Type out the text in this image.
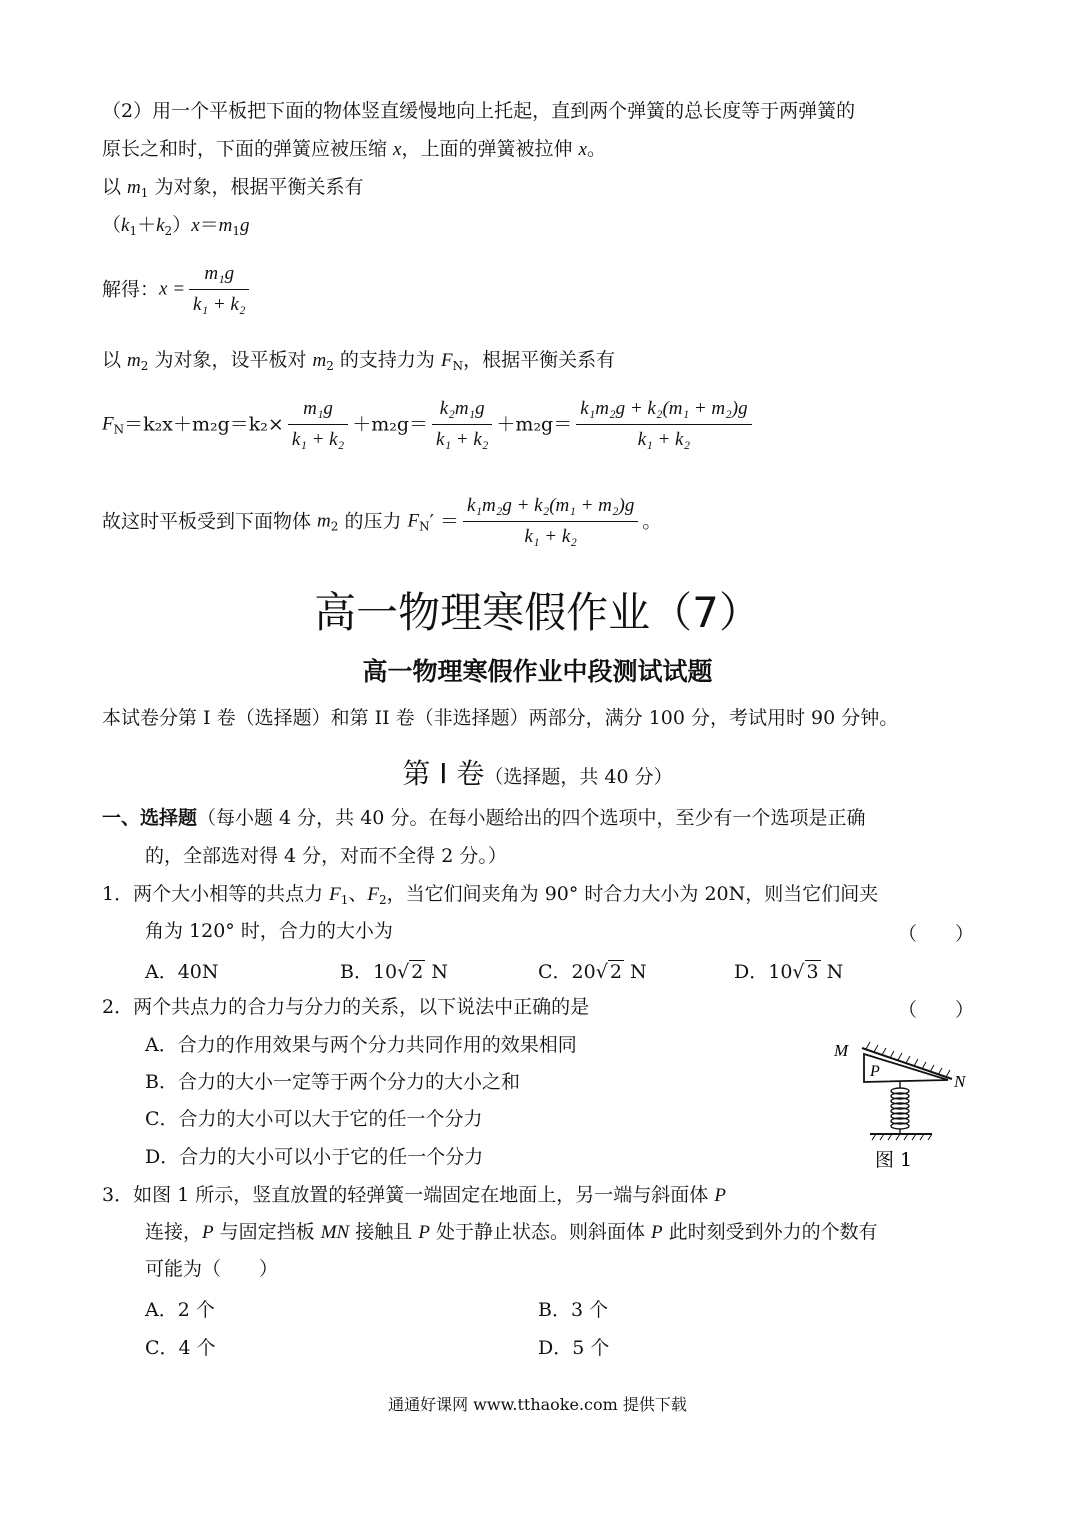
（2）用一个平板把下面的物体竖直缓慢地向上托起，直到两个弹簧的总长度等于两弹簧的
原长之和时，下面的弹簧应被压缩 x，上面的弹簧被拉伸 x。
以 $m_1$ 为对象，根据平衡关系有
$(k_1+k_2)x=m_1g$
解得：$x = \frac{\text{m₁g}}{\text{k₁ + k₂}}$
以 $m_2$ 为对象，设平板对 $m_2$ 的支持力为 $F_N$，根据平衡关系有
$F_N=k_2x+m_2g=k_2\times \frac{\text{m₁g}}{\text{k₁ + k₂}} +m_2g= \frac{\text{k₂m₁g}}{\text{k₁ + k₂}} +m_2g= \frac{\text{k₁m₂g + k₂(m₁ + m₂)g}}{\text{k₁ + k₂}}$
故这时平板受到下面物体 $m_2$ 的压力 $F_N' = \frac{\text{k₁m₂g + k₂(m₁ + m₂)g}}{\text{k₁ + k₂}}$ 。
高一物理寒假作业（7）
高一物理寒假作业中段测试试题
本试卷分第 I 卷（选择题）和第 II 卷（非选择题）两部分，满分 100 分，考试用时 90 分钟。
第 I 卷（选择题，共 40 分）
一、选择题（每小题 4 分，共 40 分。在每小题给出的四个选项中，至少有一个选项是正确
的，全部选对得 4 分，对而不全得 2 分。）
1．两个大小相等的共点力 $F_1$、$F_2$，当它们间夹角为 90° 时合力大小为 20N，则当它们间夹
角为 120° 时，合力的大小为	（　　）
A．40N	B．10√ 2 N	C．20√ 2 N	D．10√ 3 N
2．两个共点力的合力与分力的关系，以下说法中正确的是	（　　）
A．合力的作用效果与两个分力共同作用的效果相同
B．合力的大小一定等于两个分力的大小之和
C．合力的大小可以大于它的任一个分力
D．合力的大小可以小于它的任一个分力
M
N
P
图 1
3．如图 1 所示，竖直放置的轻弹簧一端固定在地面上，另一端与斜面体 P
连接，P 与固定挡板 MN 接触且 P 处于静止状态。则斜面体 P 此时刻受到外力的个数有
可能为（　　）
A．2 个	B．3 个
C．4 个	D．5 个
通通好课网 www.tthaoke.com 提供下载
